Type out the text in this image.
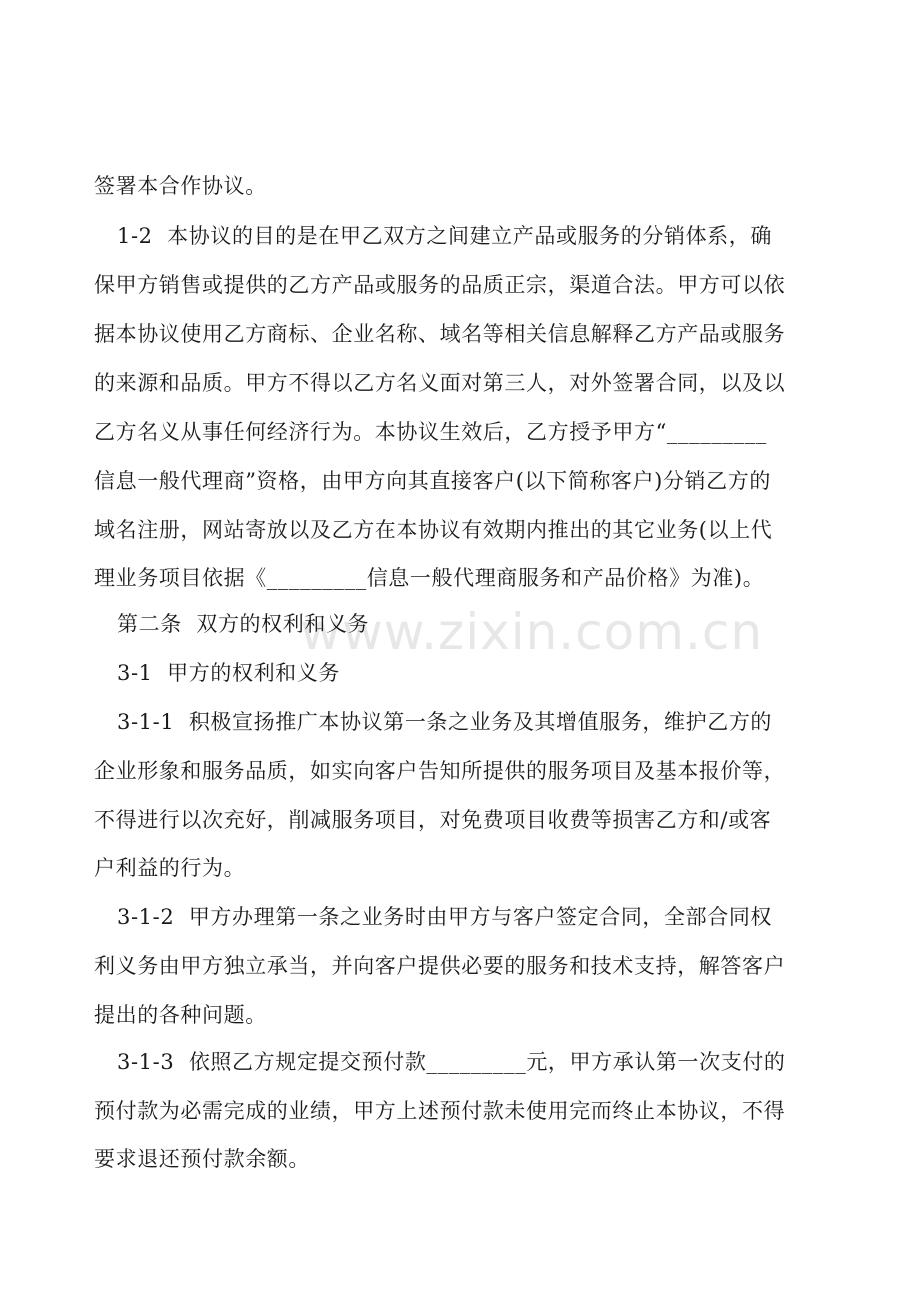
www.zixin.com.cn
签署本合作协议。
1-2  本协议的目的是在甲乙双方之间建立产品或服务的分销体系，确
保甲方销售或提供的乙方产品或服务的品质正宗，渠道合法。甲方可以依
据本协议使用乙方商标、企业名称、域名等相关信息解释乙方产品或服务
的来源和品质。甲方不得以乙方名义面对第三人，对外签署合同，以及以
乙方名义从事任何经济行为。本协议生效后，乙方授予甲方“_________
信息一般代理商”资格，由甲方向其直接客户(以下简称客户)分销乙方的
域名注册，网站寄放以及乙方在本协议有效期内推出的其它业务(以上代
理业务项目依据《_________信息一般代理商服务和产品价格》为准)。
第二条  双方的权利和义务
3-1  甲方的权利和义务
3-1-1  积极宣扬推广本协议第一条之业务及其增值服务，维护乙方的
企业形象和服务品质，如实向客户告知所提供的服务项目及基本报价等，
不得进行以次充好，削减服务项目，对免费项目收费等损害乙方和/或客
户利益的行为。
3-1-2  甲方办理第一条之业务时由甲方与客户签定合同，全部合同权
利义务由甲方独立承当，并向客户提供必要的服务和技术支持，解答客户
提出的各种问题。
3-1-3  依照乙方规定提交预付款_________元，甲方承认第一次支付的
预付款为必需完成的业绩，甲方上述预付款未使用完而终止本协议，不得
要求退还预付款余额。
